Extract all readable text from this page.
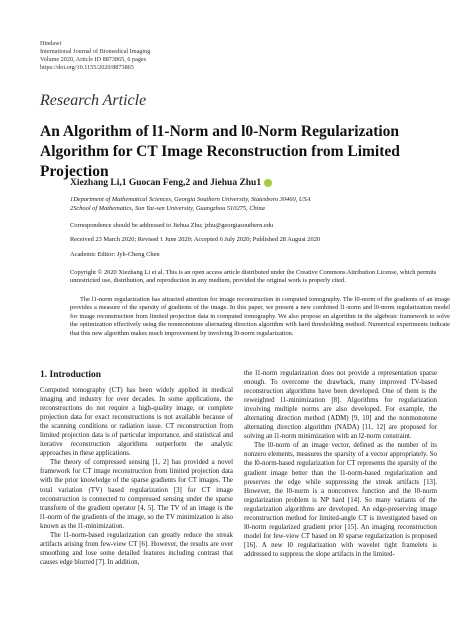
Hindawi
International Journal of Biomedical Imaging
Volume 2020, Article ID 8873865, 6 pages
https://doi.org/10.1155/2020/8873865
Research Article
An Algorithm of l1-Norm and l0-Norm Regularization Algorithm for CT Image Reconstruction from Limited Projection
Xiezhang Li,1 Guocan Feng,2 and Jiehua Zhu1
1Department of Mathematical Sciences, Georgia Southern University, Statesboro 30460, USA
2School of Mathematics, Sun Yat-sen University, Guangzhou 510275, China
Correspondence should be addressed to Jiehua Zhu; jzhu@georgiasouthern.edu
Received 23 March 2020; Revised 1 June 2020; Accepted 6 July 2020; Published 28 August 2020
Academic Editor: Jyh-Cheng Chen
Copyright © 2020 Xiezhang Li et al. This is an open access article distributed under the Creative Commons Attribution License, which permits unrestricted use, distribution, and reproduction in any medium, provided the original work is properly cited.
The l1-norm regularization has attracted attention for image reconstruction in computed tomography. The l0-norm of the gradients of an image provides a measure of the sparsity of gradients of the image. In this paper, we present a new combined l1-norm and l0-norm regularization model for image reconstruction from limited projection data in computed tomography. We also propose an algorithm in the algebraic framework to solve the optimization effectively using the nonmonotone alternating direction algorithm with hard thresholding method. Numerical experiments indicate that this new algorithm makes much improvement by involving l0-norm regularization.
1. Introduction

Computed tomography (CT) has been widely applied in medical imaging and industry for over decades. In some applications, the reconstructions do not require a high-quality image, or complete projection data for exact reconstructions is not available because of the scanning conditions or radiation issue. CT reconstruction from limited projection data is of particular importance, and statistical and iterative reconstruction algorithms outperform the analytic approaches in these applications.

The theory of compressed sensing [1, 2] has provided a novel framework for CT image reconstruction from limited projection data with the prior knowledge of the sparse gradients for CT images. The total variation (TV) based regularization [3] for CT image reconstruction is connected to compressed sensing under the sparse transform of the gradient operator [4, 5]. The TV of an image is the l1-norm of the gradients of the image, so the TV minimization is also known as the l1-minimization.

The l1-norm-based regularization can greatly reduce the streak artifacts arising from few-view CT [6]. However, the results are over smoothing and lose some detailed features including contrast that causes edge blurred [7]. In addition,

the l1-norm regularization does not provide a representation sparse enough. To overcome the drawback, many improved TV-based reconstruction algorithms have been developed. One of them is the reweighted l1-minimization [8]. Algorithms for regularization involving multiple norms are also developed. For example, the alternating direction method (ADM) [9, 10] and the nonmonotone alternating direction algorithm (NADA) [11, 12] are proposed for solving an l1-norm minimization with an l2-norm constraint.

The l0-norm of an image vector, defined as the number of its nonzero elements, measures the sparsity of a vector appropriately. So the l0-norm-based regularization for CT represents the sparsity of the gradient image better than the l1-norm-based regularization and preserves the edge while suppressing the streak artifacts [13]. However, the l0-norm is a nonconvex function and the l0-norm regularization problem is NP hard [14]. So many variants of the regularization algorithms are developed. An edge-preserving image reconstruction method for limited-angle CT is investigated based on l0-norm regularized gradient prior [15]. An imaging reconstruction model for few-view CT based on l0 sparse regularization is proposed [16]. A new l0 regularization with wavelet tight framelets is addressed to suppress the slope artifacts in the limited-
